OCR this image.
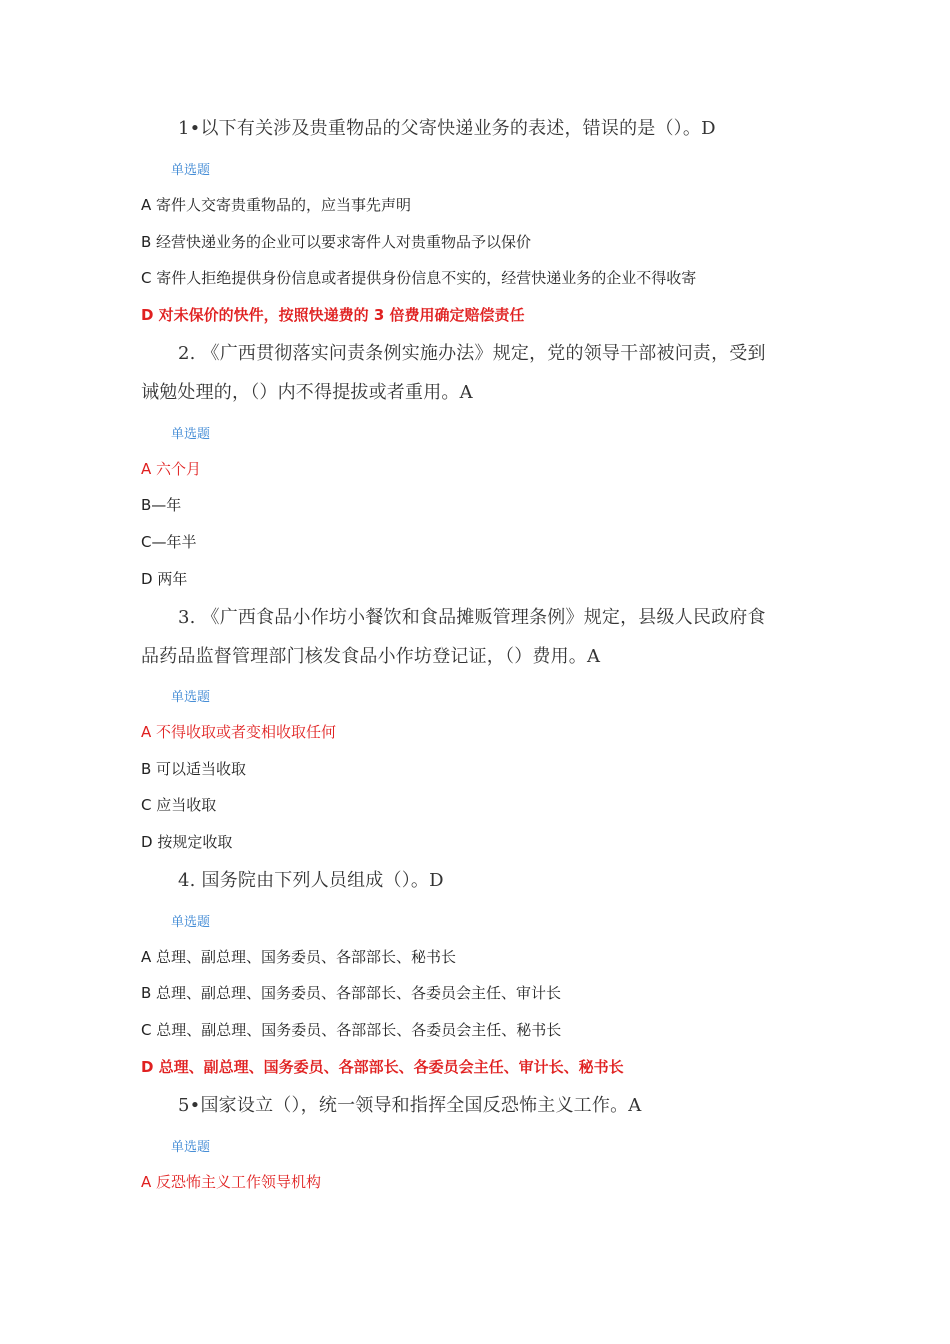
1•以下有关涉及贵重物品的父寄快递业务的表述，错误的是（）。D
单选题
A 寄件人交寄贵重物品的，应当事先声明
B 经营快递业务的企业可以要求寄件人对贵重物品予以保价
C 寄件人拒绝提供身份信息或者提供身份信息不实的，经营快递业务的企业不得收寄
D 对未保价的快件，按照快递费的 3 倍费用确定赔偿责任
2. 《广西贯彻落实问责条例实施办法》规定，党的领导干部被问责，受到
诫勉处理的，（）内不得提拔或者重用。A
单选题
A 六个月
B—年
C—年半
D 两年
3. 《广西食品小作坊小餐饮和食品摊贩管理条例》规定，县级人民政府食
品药品监督管理部门核发食品小作坊登记证，（）费用。A
单选题
A 不得收取或者变相收取任何
B 可以适当收取
C 应当收取
D 按规定收取
4. 国务院由下列人员组成（）。D
单选题
A 总理、副总理、国务委员、各部部长、秘书长
B 总理、副总理、国务委员、各部部长、各委员会主任、审计长
C 总理、副总理、国务委员、各部部长、各委员会主任、秘书长
D 总理、副总理、国务委员、各部部长、各委员会主任、审计长、秘书长
5•国家设立（），统一领导和指挥全国反恐怖主义工作。A
单选题
A 反恐怖主义工作领导机构
